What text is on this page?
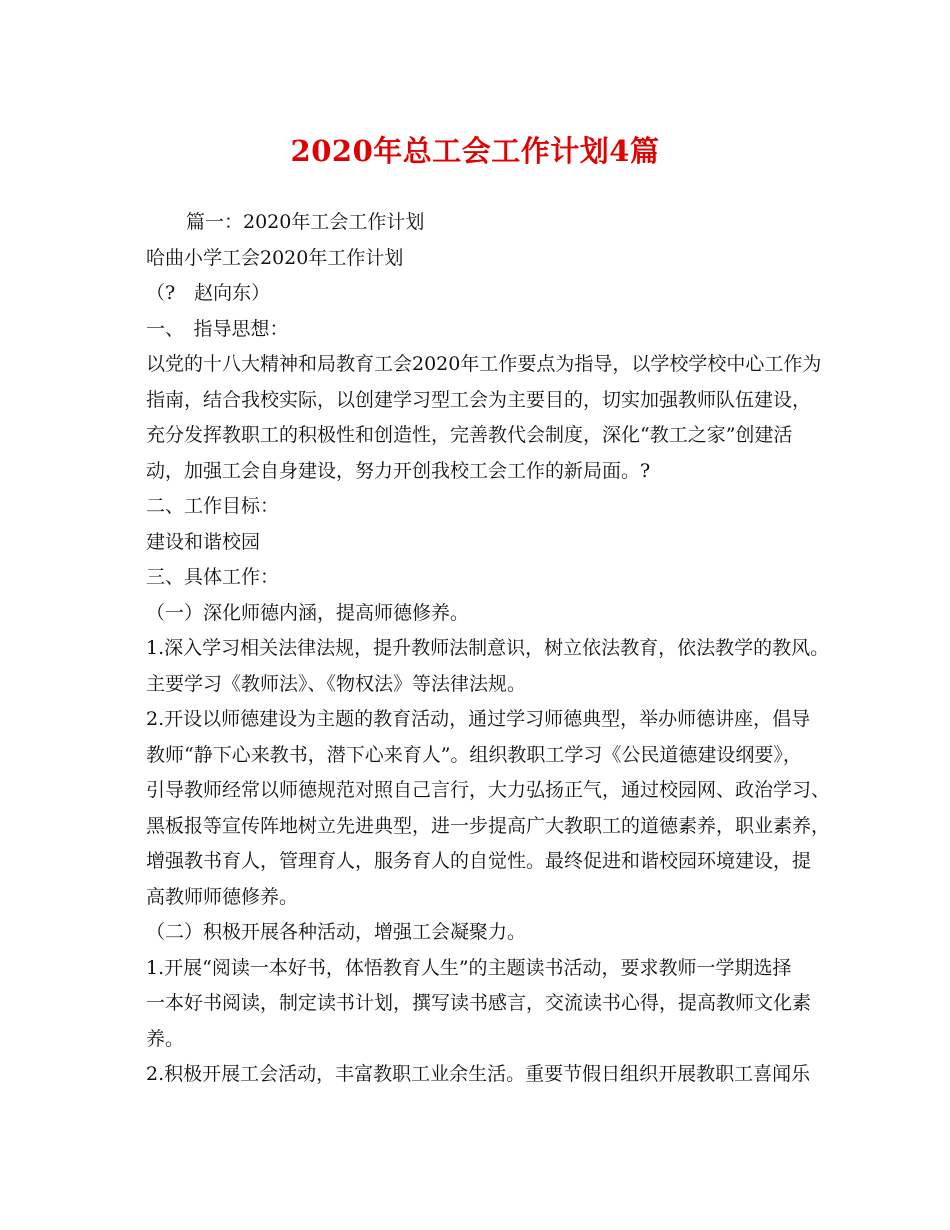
2020年总工会工作计划4篇
篇一：2020年工会工作计划
哈曲小学工会2020年工作计划
（?　赵向东）
一、　指导思想：
以党的十八大精神和局教育工会2020年工作要点为指导，以学校学校中心工作为
指南，结合我校实际，以创建学习型工会为主要目的，切实加强教师队伍建设，
充分发挥教职工的积极性和创造性，完善教代会制度，深化“教工之家”创建活
动，加强工会自身建设，努力开创我校工会工作的新局面。?
二、工作目标：
建设和谐校园
三、具体工作：
（一）深化师德内涵，提高师德修养。
1.深入学习相关法律法规，提升教师法制意识，树立依法教育，依法教学的教风。
主要学习《教师法》、《物权法》等法律法规。
2.开设以师德建设为主题的教育活动，通过学习师德典型，举办师德讲座，倡导
教师“静下心来教书，潜下心来育人”。组织教职工学习《公民道德建设纲要》，
引导教师经常以师德规范对照自己言行，大力弘扬正气，通过校园网、政治学习、
黑板报等宣传阵地树立先进典型，进一步提高广大教职工的道德素养，职业素养，
增强教书育人，管理育人，服务育人的自觉性。最终促进和谐校园环境建设，提
高教师师德修养。
（二）积极开展各种活动，增强工会凝聚力。
1.开展“阅读一本好书，体悟教育人生”的主题读书活动，要求教师一学期选择
一本好书阅读，制定读书计划，撰写读书感言，交流读书心得，提高教师文化素
养。
2.积极开展工会活动，丰富教职工业余生活。重要节假日组织开展教职工喜闻乐
